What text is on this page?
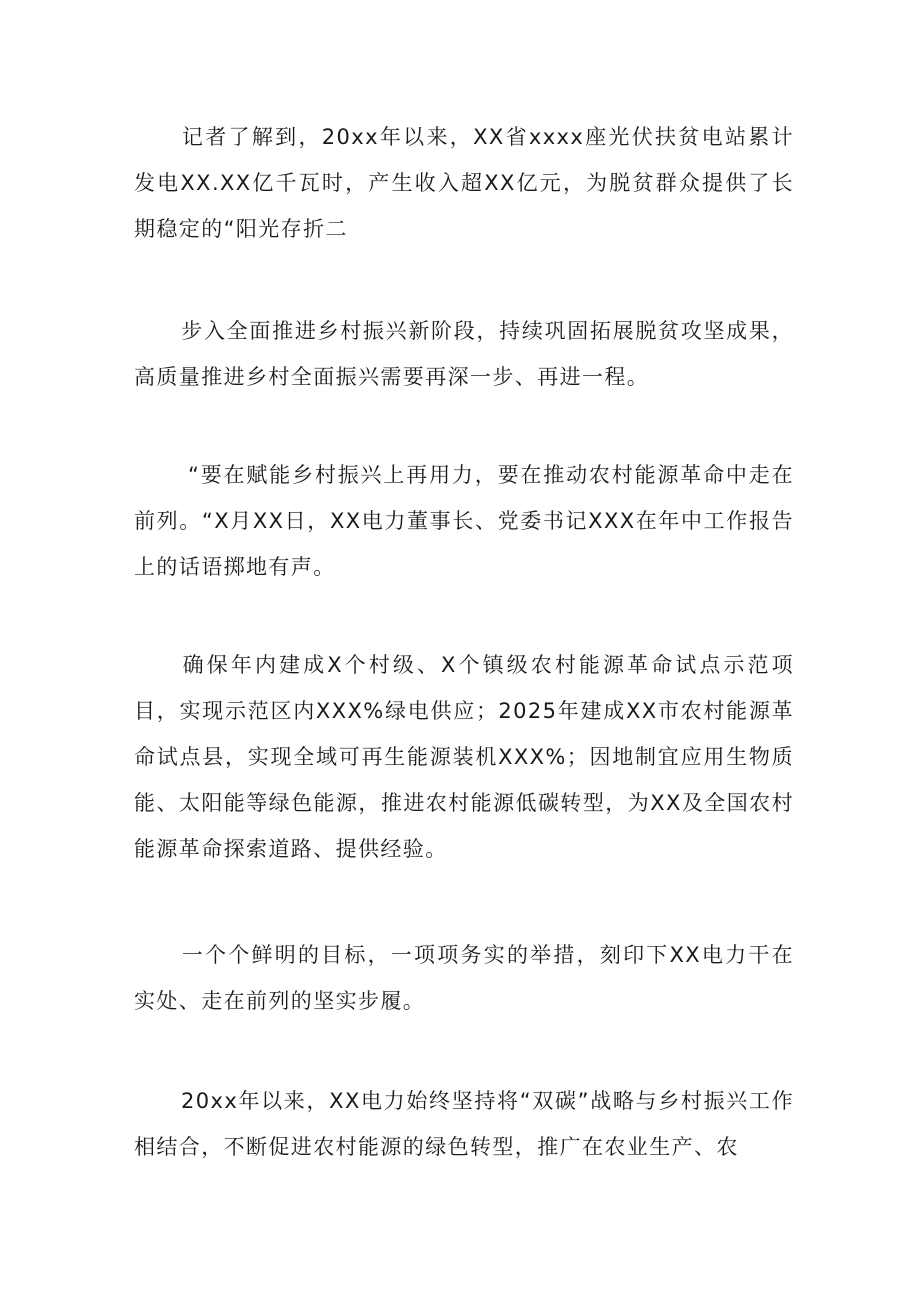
记者了解到，20xx年以来，XX省xxxx座光伏扶贫电站累计发电XX.XX亿千瓦时，产生收入超XX亿元，为脱贫群众提供了长期稳定的“阳光存折二

步入全面推进乡村振兴新阶段，持续巩固拓展脱贫攻坚成果，高质量推进乡村全面振兴需要再深一步、再进一程。

“要在赋能乡村振兴上再用力，要在推动农村能源革命中走在前列。“X月XX日，XX电力董事长、党委书记XXX在年中工作报告上的话语掷地有声。

确保年内建成X个村级、X个镇级农村能源革命试点示范项目，实现示范区内XXX%绿电供应；2025年建成XX市农村能源革命试点县，实现全域可再生能源装机XXX%；因地制宜应用生物质能、太阳能等绿色能源，推进农村能源低碳转型，为XX及全国农村能源革命探索道路、提供经验。

一个个鲜明的目标，一项项务实的举措，刻印下XX电力干在实处、走在前列的坚实步履。

20xx年以来，XX电力始终坚持将“双碳”战略与乡村振兴工作相结合，不断促进农村能源的绿色转型，推广在农业生产、农
